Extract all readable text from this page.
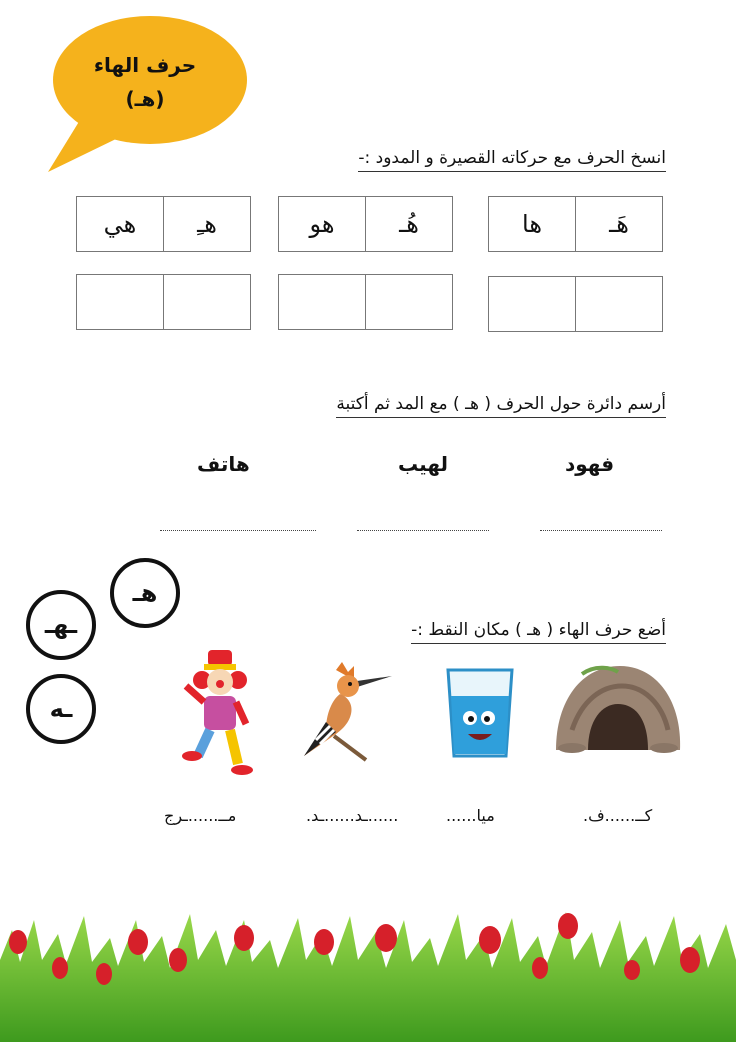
حرف الهاء
(هـ)
انسخ الحرف مع حركاته القصيرة و المدود :-
ها	هَـ
هو	هُـ
هي	هـِ
أرسم دائرة حول الحرف ( هـ ) مع المد ثم أكتبة
فهود
لهيب
هاتف
هـ
ـهـ
ـه
أضع حرف الهاء ( هـ ) مكان النقط :-
كــ......ف.
ميا......
......ـد......ـد.
مــ......ـرج
